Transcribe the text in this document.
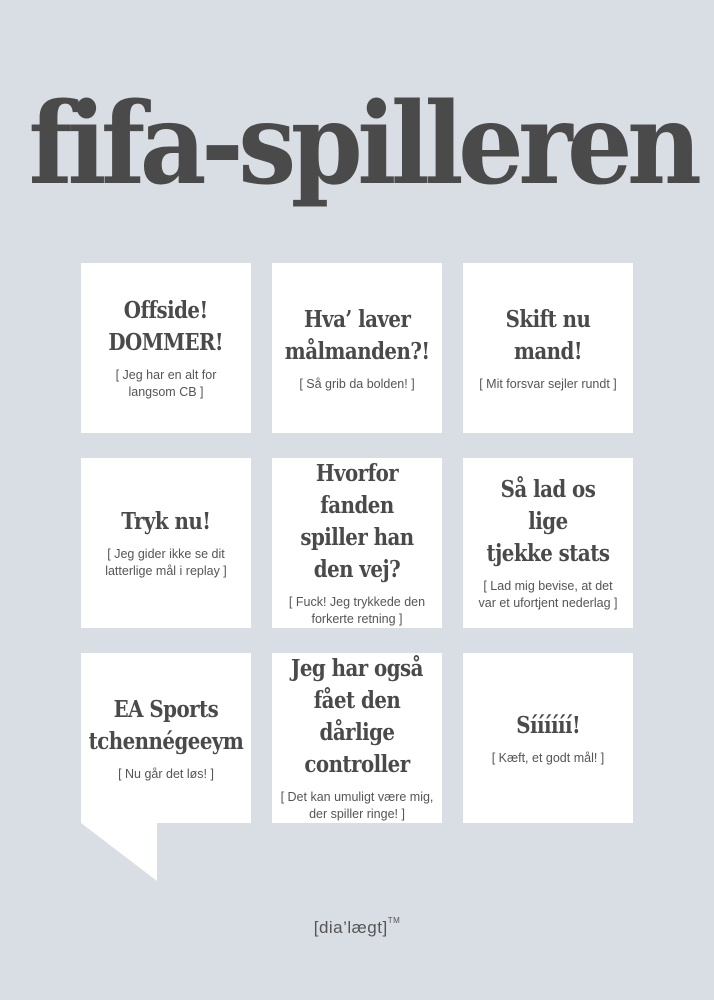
fifa-spilleren
Offside!
DOMMER!
[ Jeg har en alt for
langsom CB ]
Hva’ laver
målmanden?!
[ Så grib da bolden! ]
Skift nu mand!
[ Mit forsvar sejler rundt ]
Tryk nu!
[ Jeg gider ikke se dit
latterlige mål i replay ]
Hvorfor fanden
spiller han
den vej?
[ Fuck! Jeg trykkede den
forkerte retning ]
Så lad os lige
tjekke stats
[ Lad mig bevise, at det
var et ufortjent nederlag ]
EA Sports
tchennégeeym
[ Nu går det løs! ]
Jeg har også
fået den dårlige
controller
[ Det kan umuligt være mig,
der spiller ringe! ]
Síííííí!
[ Kæft, et godt mål! ]
[dia’lægt]™
